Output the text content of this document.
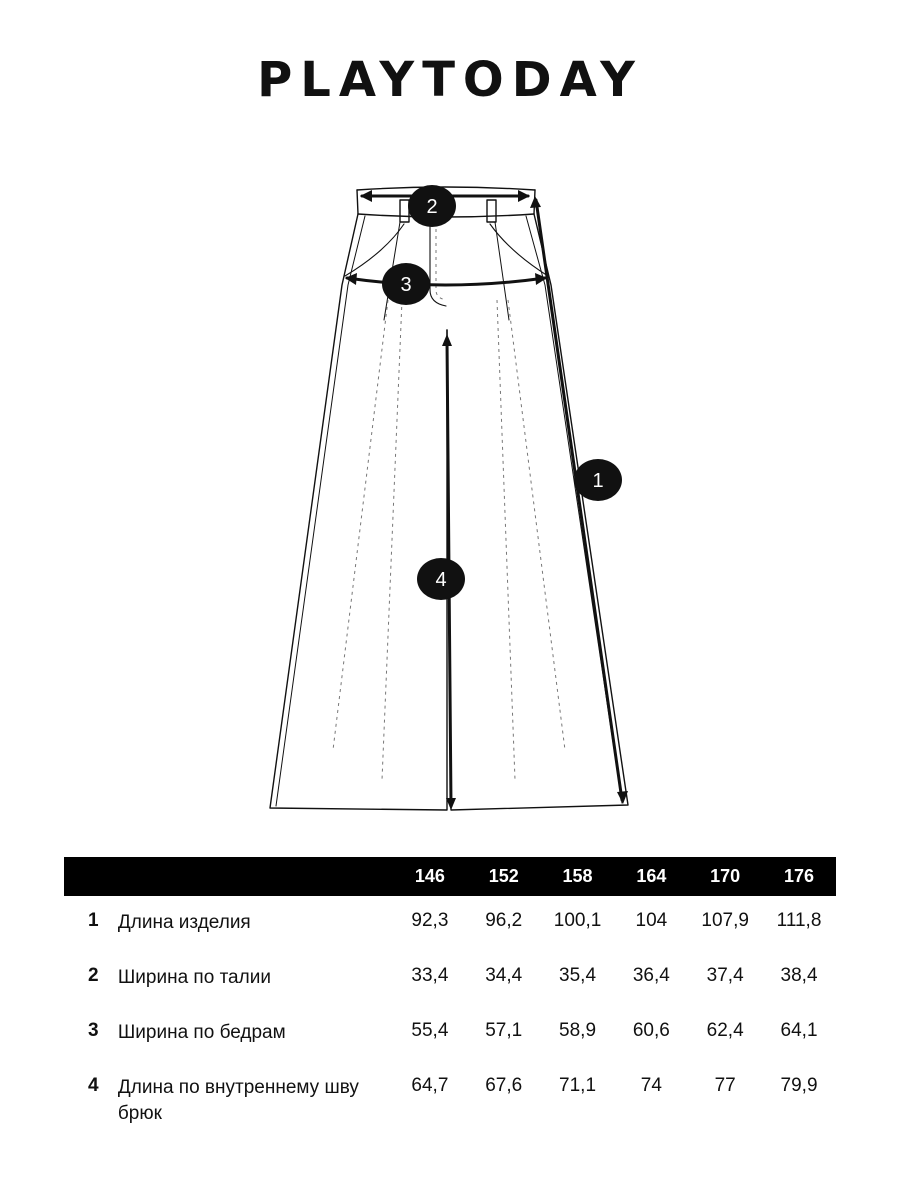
PLAYTODAY
1
2
3
4
		146	152	158	164	170	176
1	Длина изделия	92,3	96,2	100,1	104	107,9	111,8
2	Ширина по талии	33,4	34,4	35,4	36,4	37,4	38,4
3	Ширина по бедрам	55,4	57,1	58,9	60,6	62,4	64,1
4	Длина по внутреннему шву брюк	64,7	67,6	71,1	74	77	79,9
